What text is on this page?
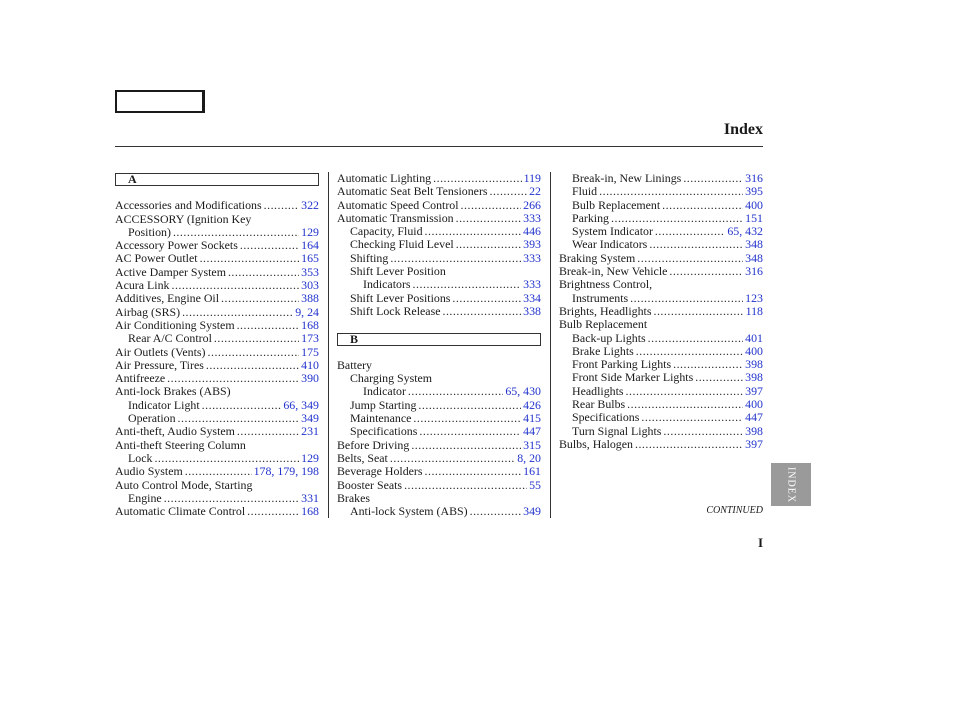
Index
A
Accessories and Modifications .....	322
ACCESSORY (Ignition Key
Position) .....	129
Accessory Power Sockets .....	164
AC Power Outlet .....	165
Active Damper System .....	353
Acura Link .....	303
Additives, Engine Oil .....	388
Airbag (SRS) .....	9, 24
Air Conditioning System .....	168
Rear A/C Control .....	173
Air Outlets (Vents) .....	175
Air Pressure, Tires .....	410
Antifreeze .....	390
Anti-lock Brakes (ABS)
Indicator Light .....	66, 349
Operation .....	349
Anti-theft, Audio System .....	231
Anti-theft Steering Column
Lock .....	129
Audio System .....	178, 179, 198
Auto Control Mode, Starting
Engine .....	331
Automatic Climate Control .....	168
Automatic Lighting .....	119
Automatic Seat Belt Tensioners .....	22
Automatic Speed Control .....	266
Automatic Transmission .....	333
Capacity, Fluid .....	446
Checking Fluid Level .....	393
Shifting .....	333
Shift Lever Position
Indicators .....	333
Shift Lever Positions .....	334
Shift Lock Release .....	338
B
Battery
Charging System
Indicator .....	65, 430
Jump Starting .....	426
Maintenance .....	415
Specifications .....	447
Before Driving .....	315
Belts, Seat .....	8, 20
Beverage Holders .....	161
Booster Seats .....	55
Brakes
Anti-lock System (ABS) .....	349
Break-in, New Linings .....	316
Fluid .....	395
Bulb Replacement .....	400
Parking .....	151
System Indicator .....	65, 432
Wear Indicators .....	348
Braking System .....	348
Break-in, New Vehicle .....	316
Brightness Control,
Instruments .....	123
Brights, Headlights .....	118
Bulb Replacement
Back-up Lights .....	401
Brake Lights .....	400
Front Parking Lights .....	398
Front Side Marker Lights .....	398
Headlights .....	397
Rear Bulbs .....	400
Specifications .....	447
Turn Signal Lights .....	398
Bulbs, Halogen .....	397
CONTINUED
INDEX
I
